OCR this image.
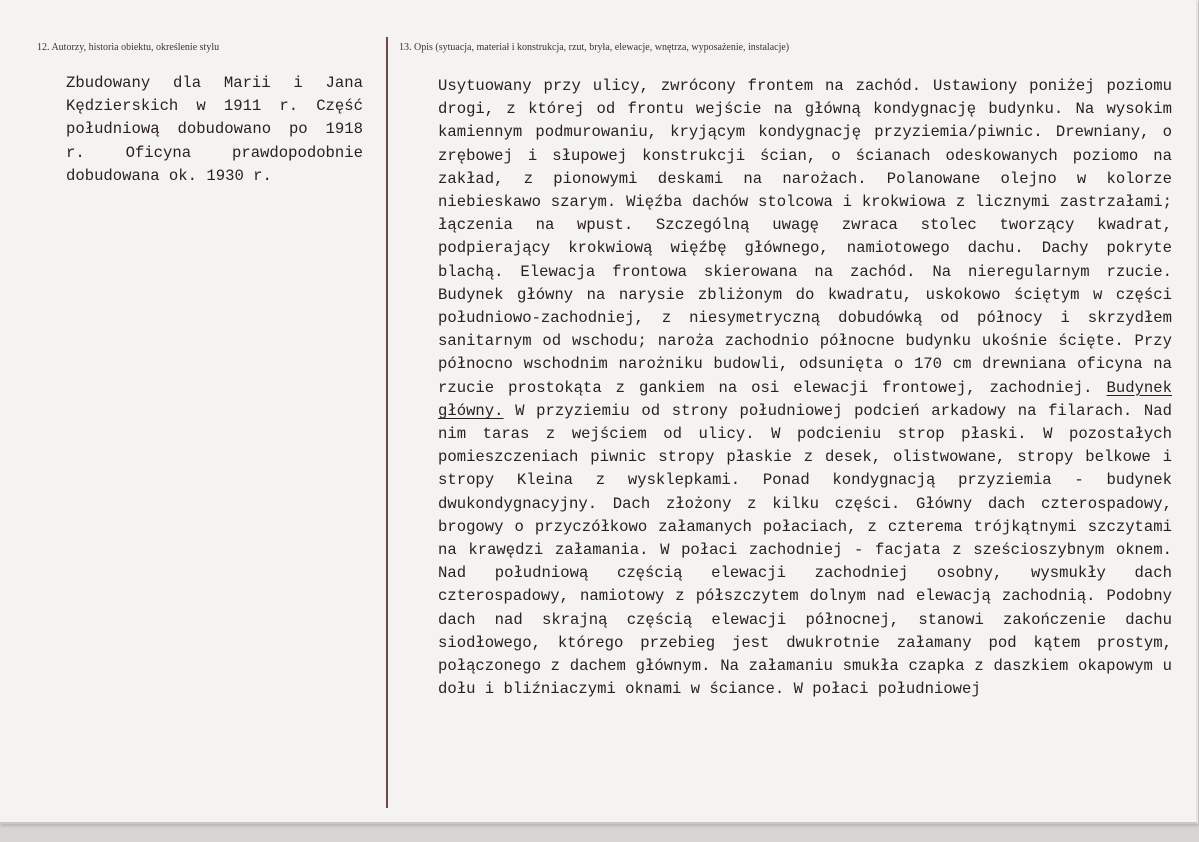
12. Autorzy, historia obiektu, określenie stylu	13. Opis (sytuacja, materiał i konstrukcja, rzut, bryła, elewacje, wnętrza, wyposażenie, instalacje)

Zbudowany dla Marii i Jana Kędzierskich w 1911 r. Część południową dobudowano po 1918 r. Oficyna prawdopodobnie dobudowana ok. 1930 r.

Usytuowany przy ulicy, zwrócony frontem na zachód. Ustawiony poniżej poziomu drogi, z której od frontu wejście na główną kondygnację budynku. Na wysokim kamiennym podmurowaniu, kryjącym kondygnację przyziemia/piwnic. Drewniany, o zrębowej i słupowej konstrukcji ścian, o ścianach odeskowanych poziomo na zakład, z pionowymi deskami na narożach. Polanowane olejno w kolorze niebieskawo szarym. Więźba dachów stolcowa i krokwiowa z licznymi zastrzałami; łączenia na wpust. Szczególną uwagę zwraca stolec tworzący kwadrat, podpierający krokwiową więźbę głównego, namiotowego dachu. Dachy pokryte blachą. Elewacja frontowa skierowana na zachód. Na nieregularnym rzucie. Budynek główny na narysie zbliżonym do kwadratu, uskokowo ściętym w części południowo-zachodniej, z niesymetryczną dobudówką od północy i skrzydłem sanitarnym od wschodu; naroża zachodnio północne budynku ukośnie ścięte. Przy północno wschodnim narożniku budowli, odsunięta o 170 cm drewniana oficyna na rzucie prostokąta z gankiem na osi elewacji frontowej, zachodniej. Budynek główny. W przyziemiu od strony południowej podcień arkadowy na filarach. Nad nim taras z wejściem od ulicy. W podcieniu strop płaski. W pozostałych pomieszczeniach piwnic stropy płaskie z desek, olistwowane, stropy belkowe i stropy Kleina z wysklepkami. Ponad kondygnacją przyziemia - budynek dwukondygnacyjny. Dach złożony z kilku części. Główny dach czterospadowy, brogowy o przyczółkowo załamanych połaciach, z czterema trójkątnymi szczytami na krawędzi załamania. W połaci zachodniej - facjata z sześcioszybnym oknem. Nad południową częścią elewacji zachodniej osobny, wysmukły dach czterospadowy, namiotowy z półszczytem dolnym nad elewacją zachodnią. Podobny dach nad skrajną częścią elewacji północnej, stanowi zakończenie dachu siodłowego, którego przebieg jest dwukrotnie załamany pod kątem prostym, połączonego z dachem głównym. Na załamaniu smukła czapka z daszkiem okapowym u dołu i bliźniaczymi oknami w ściance. W połaci południowej
